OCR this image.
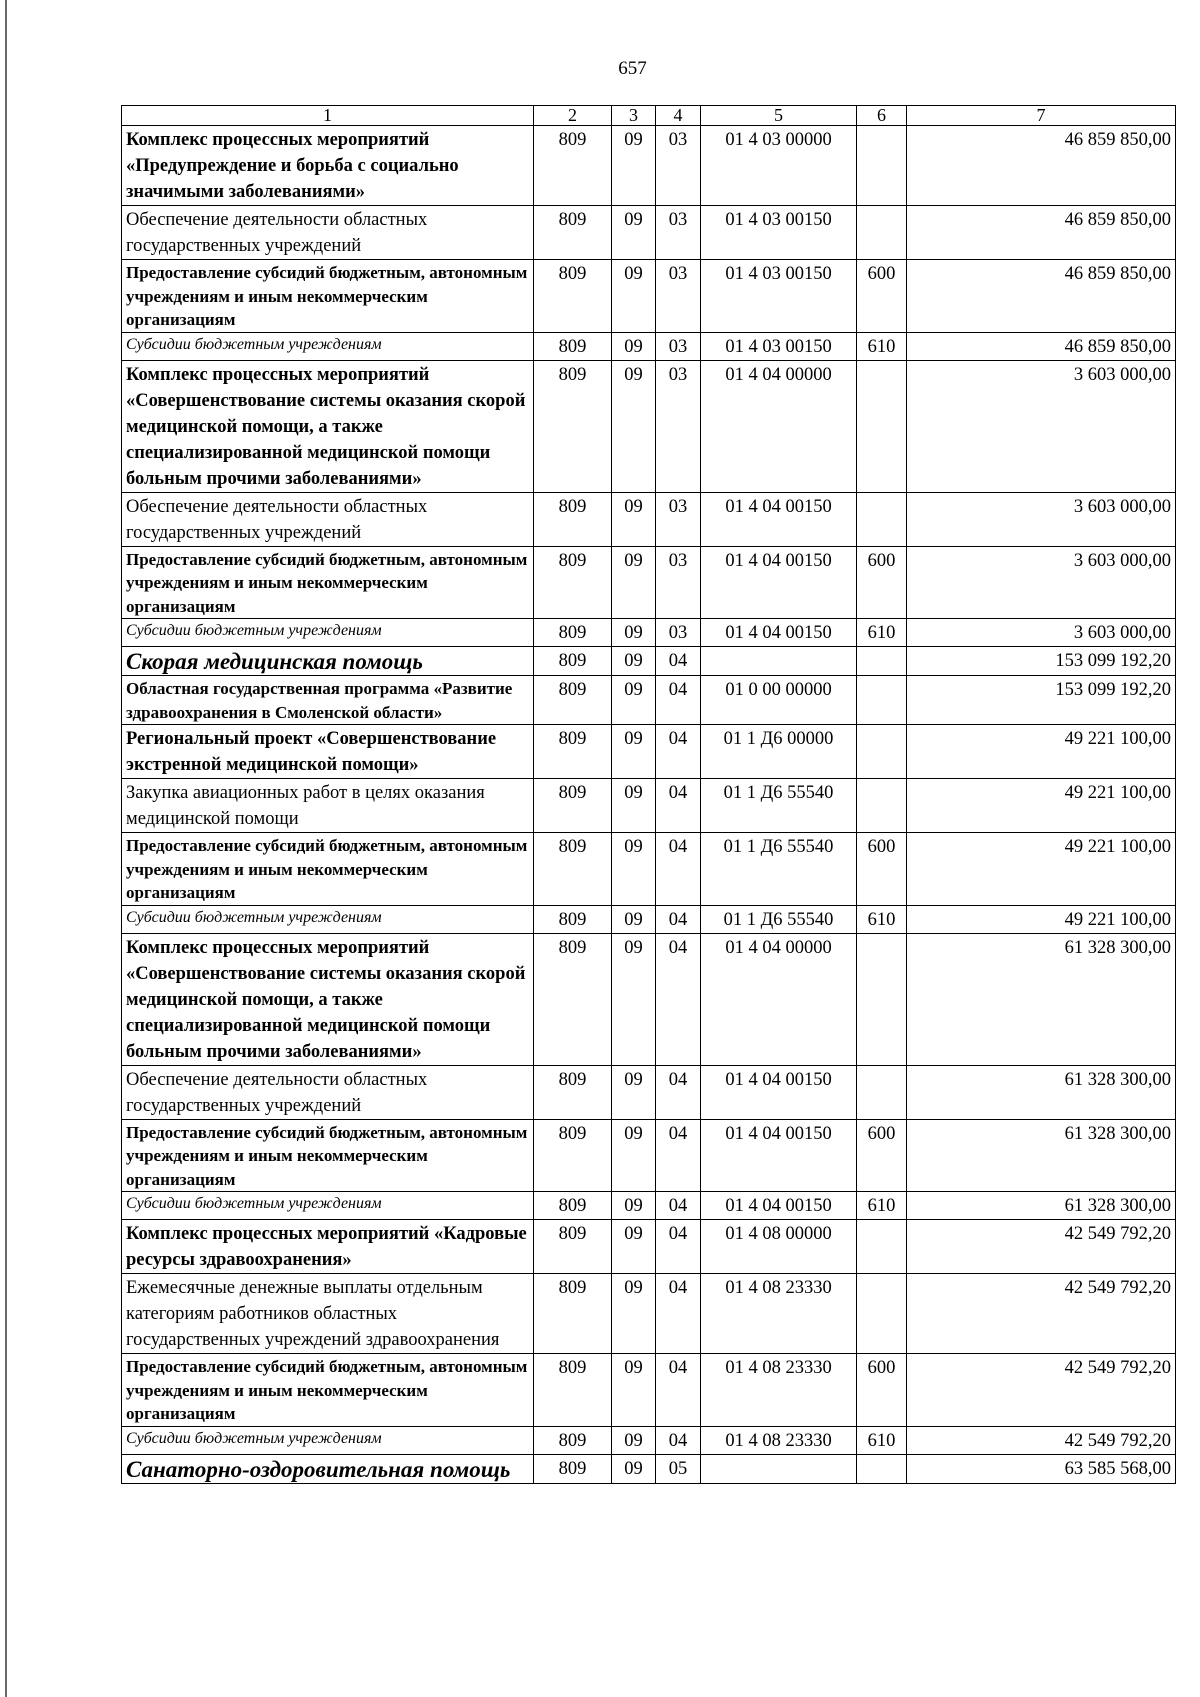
657
1	2	3	4	5	6	7
Комплекс процессных мероприятий «Предупреждение и борьба с социально значимыми заболеваниями»	809	09	03	01 4 03 00000		46 859 850,00
Обеспечение деятельности областных государственных учреждений	809	09	03	01 4 03 00150		46 859 850,00
Предоставление субсидий бюджетным, автономным учреждениям и иным некоммерческим организациям	809	09	03	01 4 03 00150	600	46 859 850,00
Субсидии бюджетным учреждениям	809	09	03	01 4 03 00150	610	46 859 850,00
Комплекс процессных мероприятий «Совершенствование системы оказания скорой медицинской помощи, а также специализированной медицинской помощи больным прочими заболеваниями»	809	09	03	01 4 04 00000		3 603 000,00
Обеспечение деятельности областных государственных учреждений	809	09	03	01 4 04 00150		3 603 000,00
Предоставление субсидий бюджетным, автономным учреждениям и иным некоммерческим организациям	809	09	03	01 4 04 00150	600	3 603 000,00
Субсидии бюджетным учреждениям	809	09	03	01 4 04 00150	610	3 603 000,00
Скорая медицинская помощь	809	09	04			153 099 192,20
Областная государственная программа «Развитие здравоохранения в Смоленской области»	809	09	04	01 0 00 00000		153 099 192,20
Региональный проект «Совершенствование экстренной медицинской помощи»	809	09	04	01 1 Д6 00000		49 221 100,00
Закупка авиационных работ в целях оказания медицинской помощи	809	09	04	01 1 Д6 55540		49 221 100,00
Предоставление субсидий бюджетным, автономным учреждениям и иным некоммерческим организациям	809	09	04	01 1 Д6 55540	600	49 221 100,00
Субсидии бюджетным учреждениям	809	09	04	01 1 Д6 55540	610	49 221 100,00
Комплекс процессных мероприятий «Совершенствование системы оказания скорой медицинской помощи, а также специализированной медицинской помощи больным прочими заболеваниями»	809	09	04	01 4 04 00000		61 328 300,00
Обеспечение деятельности областных государственных учреждений	809	09	04	01 4 04 00150		61 328 300,00
Предоставление субсидий бюджетным, автономным учреждениям и иным некоммерческим организациям	809	09	04	01 4 04 00150	600	61 328 300,00
Субсидии бюджетным учреждениям	809	09	04	01 4 04 00150	610	61 328 300,00
Комплекс процессных мероприятий «Кадровые ресурсы здравоохранения»	809	09	04	01 4 08 00000		42 549 792,20
Ежемесячные денежные выплаты отдельным категориям работников областных государственных учреждений здравоохранения	809	09	04	01 4 08 23330		42 549 792,20
Предоставление субсидий бюджетным, автономным учреждениям и иным некоммерческим организациям	809	09	04	01 4 08 23330	600	42 549 792,20
Субсидии бюджетным учреждениям	809	09	04	01 4 08 23330	610	42 549 792,20
Санаторно-оздоровительная помощь	809	09	05			63 585 568,00
